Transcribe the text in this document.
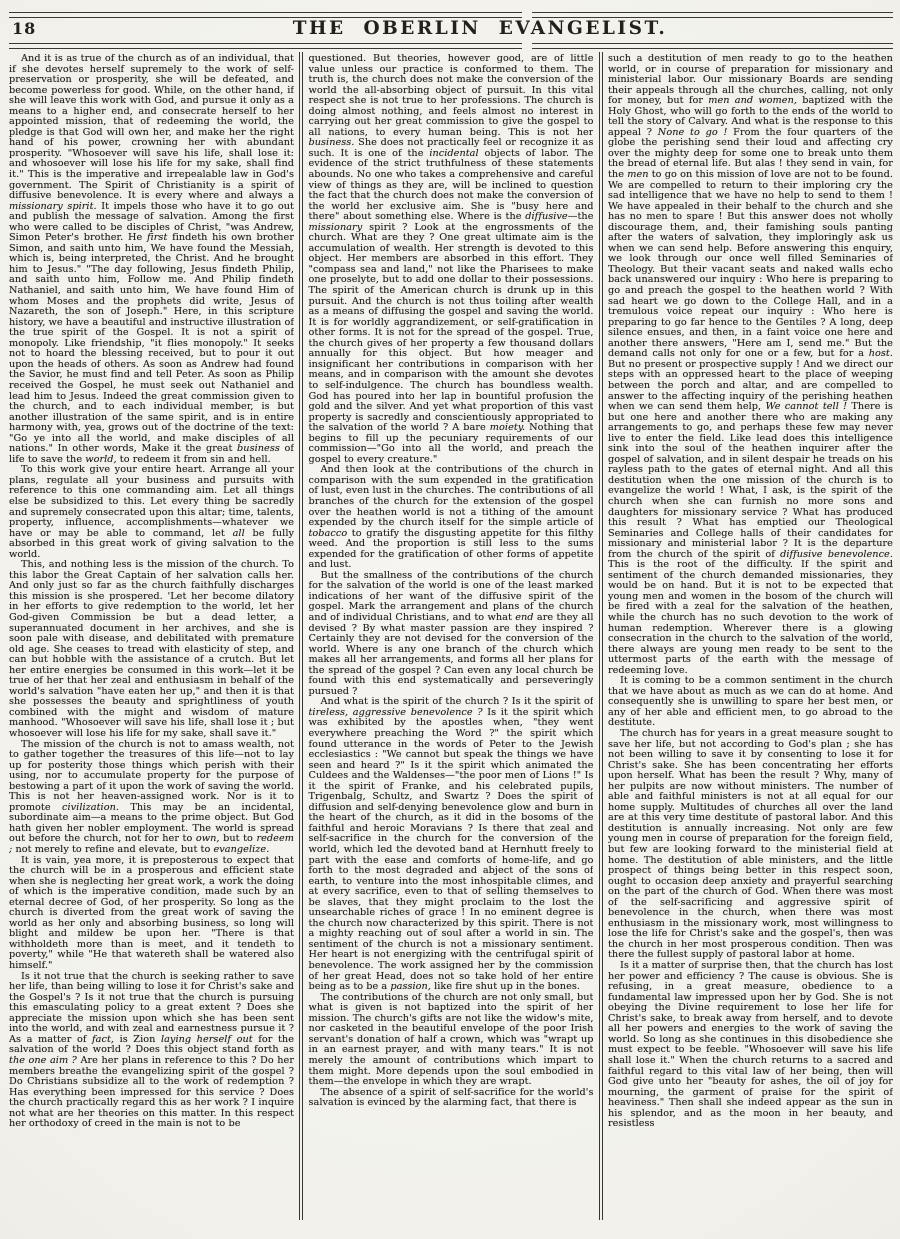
18	THE OBERLIN EVANGELIST.

And it is as true of the church as of an individual, that if she devotes herself supremely to the work of self-preservation or prosperity, she will be defeated, and become powerless for good. While, on the other hand, if she will leave this work with God, and pursue it only as a means to a higher end, and consecrate herself to her appointed mission, that of redeeming the world, the pledge is that God will own her, and make her the right hand of his power, crowning her with abundant prosperity. "Whosoever will save his life, shall lose it: and whosoever will lose his life for my sake, shall find it." This is the imperative and irrepealable law in God's government. The Spirit of Christianity is a spirit of diffusive benevolence. It is every where and always a missionary spirit. It impels those who have it to go out and publish the message of salvation. Among the first who were called to be disciples of Christ, "was Andrew, Simon Peter's brother. He first findeth his own brother Simon, and saith unto him, We have found the Messiah, which is, being interpreted, the Christ. And he brought him to Jesus." "The day following, Jesus findeth Philip, and saith unto him, Follow me. And Philip findeth Nathaniel, and saith unto him, We have found Him of whom Moses and the prophets did write, Jesus of Nazareth, the son of Joseph." Here, in this scripture history, we have a beautiful and instructive illustration of the true spirit of the Gospel. It is not a spirit of monopoly. Like friendship, "it flies monopoly." It seeks not to hoard the blessing received, but to pour it out upon the heads of others. As soon as Andrew had found the Savior, he must find and tell Peter. As soon as Philip received the Gospel, he must seek out Nathaniel and lead him to Jesus. Indeed the great commission given to the church, and to each individual member, is but another illustration of the same spirit, and is in entire harmony with, yea, grows out of the doctrine of the text: "Go ye into all the world, and make disciples of all nations." In other words, Make it the great business of life to save the world, to redeem it from sin and hell.

To this work give your entire heart. Arrange all your plans, regulate all your business and pursuits with reference to this one commanding aim. Let all things else be subsidized to this. Let every thing be sacredly and supremely consecrated upon this altar; time, talents, property, influence, accomplishments—whatever we have or may be able to command, let all be fully absorbed in this great work of giving salvation to the world.

This, and nothing less is the mission of the church. To this labor the Great Captain of her salvation calls her. And only just so far as the church faithfully discharges this mission is she prospered. 'Let her become dilatory in her efforts to give redemption to the world, let her God-given Commission be but a dead letter, a superannuated document in her archives, and she is soon pale with disease, and debilitated with premature old age. She ceases to tread with elasticity of step, and can but hobble with the assistance of a crutch. But let her entire energies be consumed in this work—let it be true of her that her zeal and enthusiasm in behalf of the world's salvation "have eaten her up," and then it is that she possesses the beauty and sprightliness of youth combined with the might and wisdom of mature manhood. "Whosoever will save his life, shall lose it ; but whosoever will lose his life for my sake, shall save it."

The mission of the church is not to amass wealth, not to gather together the treasures of this life—not to lay up for posterity those things which perish with their using, nor to accumulate property for the purpose of bestowing a part of it upon the work of saving the world. This is not her heaven-assigned work. Nor is it to promote civilization. This may be an incidental, subordinate aim—a means to the prime object. But God hath given her nobler employment. The world is spread out before the church, not for her to own, but to redeem ; not merely to refine and elevate, but to evangelize.

It is vain, yea more, it is preposterous to expect that the church will be in a prosperous and efficient state when she is neglecting her great work, a work the doing of which is the imperative condition, made such by an eternal decree of God, of her prosperity. So long as the church is diverted from the great work of saving the world as her only and absorbing business, so long will blight and mildew be upon her. "There is that withholdeth more than is meet, and it tendeth to poverty," while "He that watereth shall be watered also himself."

Is it not true that the church is seeking rather to save her life, than being willing to lose it for Christ's sake and the Gospel's ? Is it not true that the church is pursuing this emasculating policy to a great extent ? Does she appreciate the mission upon which she has been sent into the world, and with zeal and earnestness pursue it ? As a matter of fact, is Zion laying herself out for the salvation of the world ? Does this object stand forth as the one aim ? Are her plans in reference to this ? Do her members breathe the evangelizing spirit of the gospel ? Do Christians subsidize all to the work of redemption ? Has everything been impressed for this service ? Does the church practically regard this as her work ? I inquire not what are her theories on this matter. In this respect her orthodoxy of creed in the main is not to be

questioned. But theories, however good, are of little value unless our practice is conformed to them. The truth is, the church does not make the conversion of the world the all-absorbing object of pursuit. In this vital respect she is not true to her professions. The church is doing almost nothing, and feels almost no interest in carrying out her great commission to give the gospel to all nations, to every human being. This is not her business. She does not practically feel or recognize it as such. It is one of the incidental objects of labor. The evidence of the strict truthfulness of these statements abounds. No one who takes a comprehensive and careful view of things as they are, will be inclined to question the fact that the church does not make the conversion of the world her exclusive aim. She is "busy here and there" about something else. Where is the diffusive—the missionary spirit ? Look at the engrossments of the church. What are they ? One great ultimate aim is the accumulation of wealth. Her strength is devoted to this object. Her members are absorbed in this effort. They "compass sea and land," not like the Pharisees to make one proselyte, but to add one dollar to their possessions. The spirit of the American church is drunk up in this pursuit. And the church is not thus toiling after wealth as a means of diffusing the gospel and saving the world. It is for worldly aggrandizement, or self-gratification in other forms. It is not for the spread of the gospel. True, the church gives of her property a few thousand dollars annually for this object. But how meager and insignificant her contributions in comparison with her means, and in comparison with the amount she devotes to self-indulgence. The church has boundless wealth. God has poured into her lap in bountiful profusion the gold and the silver. And yet what proportion of this vast property is sacredly and conscientiously appropriated to the salvation of the world ? A bare moiety. Nothing that begins to fill up the pecuniary requirements of our commission—"Go into all the world, and preach the gospel to every creature."

And then look at the contributions of the church in comparison with the sum expended in the gratification of lust, even lust in the churches. The contributions of all branches of the church for the extension of the gospel over the heathen world is not a tithing of the amount expended by the church itself for the simple article of tobacco to gratify the disgusting appetite for this filthy weed. And the proportion is still less to the sums expended for the gratification of other forms of appetite and lust.

But the smallness of the contributions of the church for the salvation of the world is one of the least marked indications of her want of the diffusive spirit of the gospel. Mark the arrangement and plans of the church and of individual Christians, and to what end are they all devised ? By what master passion are they inspired ? Certainly they are not devised for the conversion of the world. Where is any one branch of the church which makes all her arrangements, and forms all her plans for the spread of the gospel ? Can even any local church be found with this end systematically and perseveringly pursued ?

And what is the spirit of the church ? Is it the spirit of tireless, aggressive benevolence ? Is it the spirit which was exhibited by the apostles when, "they went everywhere preaching the Word ?" the spirit which found utterance in the words of Peter to the Jewish ecclesiastics : "We cannot but speak the things we have seen and heard ?" Is it the spirit which animated the Culdees and the Waldenses—"the poor men of Lions !" Is it the spirit of Franke, and his celebrated pupils, Trigenbalg, Schultz, and Swartz ? Does the spirit of diffusion and self-denying benevolence glow and burn in the heart of the church, as it did in the bosoms of the faithful and heroic Moravians ? Is there that zeal and self-sacrifice in the church for the conversion of the world, which led the devoted band at Hernhutt freely to part with the ease and comforts of home-life, and go forth to the most degraded and abject of the sons of earth, to venture into the most inhospitable climes, and at every sacrifice, even to that of selling themselves to be slaves, that they might proclaim to the lost the unsearchable riches of grace ! In no eminent degree is the church now characterized by this spirit. There is not a mighty reaching out of soul after a world in sin. The sentiment of the church is not a missionary sentiment. Her heart is not energizing with the centrifugal spirit of benevolence. The work assigned her by the commission of her great Head, does not so take hold of her entire being as to be a passion, like fire shut up in the bones.

The contributions of the church are not only small, but what is given is not baptized into the spirit of her mission. The church's gifts are not like the widow's mite, nor casketed in the beautiful envelope of the poor Irish servant's donation of half a crown, which was "wrapt up in an earnest prayer, and with many tears." It is not merely the amount of contributions which impart to them might. More depends upon the soul embodied in them—the envelope in which they are wrapt.

The absence of a spirit of self-sacrifice for the world's salvation is evinced by the alarming fact, that there is

such a destitution of men ready to go to the heathen world, or in course of preparation for missionary and ministerial labor. Our missionary Boards are sending their appeals through all the churches, calling, not only for money, but for men and women, baptized with the Holy Ghost, who will go forth to the ends of the world to tell the story of Calvary. And what is the response to this appeal ? None to go ! From the four quarters of the globe the perishing send their loud and affecting cry over the mighty deep for some one to break unto them the bread of eternal life. But alas ! they send in vain, for the men to go on this mission of love are not to be found. We are compelled to return to their imploring cry the sad intelligence that we have no help to send to them ! We have appealed in their behalf to the church and she has no men to spare ! But this answer does not wholly discourage them, and, their famishing souls panting after the waters of salvation, they imploringly ask us when we can send help. Before answering this enquiry, we look through our once well filled Seminaries of Theology. But their vacant seats and naked walls echo back unanswered our inquiry : Who here is preparing to go and preach the gospel to the heathen world ? With sad heart we go down to the College Hall, and in a tremulous voice repeat our inquiry : Who here is preparing to go far hence to the Gentiles ? A long, deep silence ensues, and then, in a faint voice one here and another there answers, "Here am I, send me." But the demand calls not only for one or a few, but for a host. But no present or prospective supply ! And we direct our steps with an oppressed heart to the place of weeping between the porch and altar, and are compelled to answer to the affecting inquiry of the perishing heathen when we can send them help, We cannot tell ! There is but one here and another there who are making any arrangements to go, and perhaps these few may never live to enter the field. Like lead does this intelligence sink into the soul of the heathen inquirer after the gospel of salvation, and in silent despair he treads on his rayless path to the gates of eternal night. And all this destitution when the one mission of the church is to evangelize the world ! What, I ask, is the spirit of the church when she can furnish no more sons and daughters for missionary service ? What has produced this result ? What has emptied our Theological Seminaries and College halls of their candidates for missionary and ministerial labor ? It is the departure from the church of the spirit of diffusive benevolence. This is the root of the difficulty. If the spirit and sentiment of the church demanded missionaries, they would be on hand. But it is not to be expected that young men and women in the bosom of the church will be fired with a zeal for the salvation of the heathen, while the church has no such devotion to the work of human redemption. Wherever there is a glowing consecration in the church to the salvation of the world, there always are young men ready to be sent to the uttermost parts of the earth with the message of redeeming love.

It is coming to be a common sentiment in the church that we have about as much as we can do at home. And consequently she is unwilling to spare her best men, or any of her able and efficient men, to go abroad to the destitute.

The church has for years in a great measure sought to save her life, but not according to God's plan ; she has not been willing to save it by consenting to lose it for Christ's sake. She has been concentrating her efforts upon herself. What has been the result ? Why, many of her pulpits are now without ministers. The number of able and faithful ministers is not at all equal for our home supply. Multitudes of churches all over the land are at this very time destitute of pastoral labor. And this destitution is annually increasing. Not only are few young men in course of preparation for the foreign field, but few are looking forward to the ministerial field at home. The destitution of able ministers, and the little prospect of things being better in this respect soon, ought to occasion deep anxiety and prayerful searching on the part of the church of God. When there was most of the self-sacrificing and aggressive spirit of benevolence in the church, when there was most enthusiasm in the missionary work, most willingness to lose the life for Christ's sake and the gospel's, then was the church in her most prosperous condition. Then was there the fullest supply of pastoral labor at home.

Is it a matter of surprise then, that the church has lost her power and efficiency ? The cause is obvious. She is refusing, in a great measure, obedience to a fundamental law impressed upon her by God. She is not obeying the Divine requirement to lose her life for Christ's sake, to break away from herself, and to devote all her powers and energies to the work of saving the world. So long as she continues in this disobedience she must expect to be feeble. "Whosoever will save his life shall lose it." When the church returns to a sacred and faithful regard to this vital law of her being, then will God give unto her "beauty for ashes, the oil of joy for mourning, the garment of praise for the spirit of heaviness." Then shall she indeed appear as the sun in his splendor, and as the moon in her beauty, and resistless
